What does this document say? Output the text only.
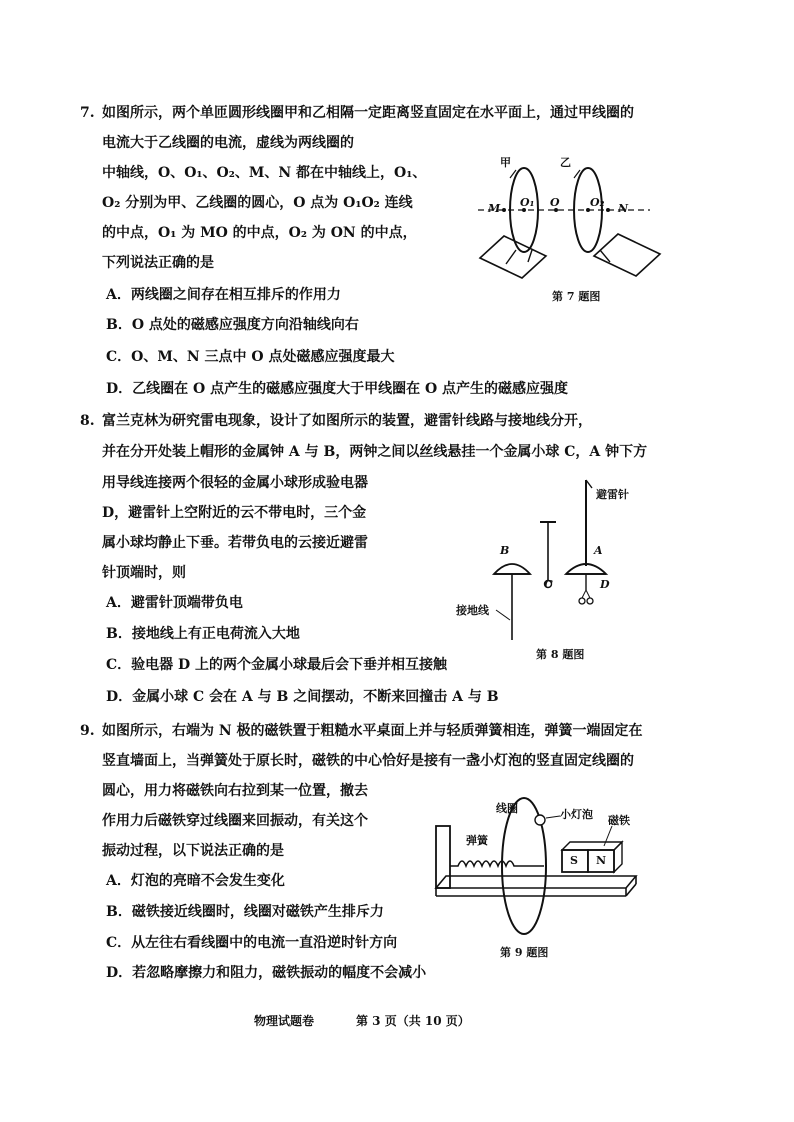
7. 如图所示，两个单匝圆形线圈甲和乙相隔一定距离竖直固定在水平面上，通过甲线圈的
电流大于乙线圈的电流，虚线为两线圈的
中轴线，O、O₁、O₂、M、N 都在中轴线上，O₁、
O₂ 分别为甲、乙线圈的圆心，O 点为 O₁O₂ 连线
的中点，O₁ 为 MO 的中点，O₂ 为 ON 的中点，
下列说法正确的是
A．两线圈之间存在相互排斥的作用力
B．O 点处的磁感应强度方向沿轴线向右
C．O、M、N 三点中 O 点处磁感应强度最大
D．乙线圈在 O 点产生的磁感应强度大于甲线圈在 O 点产生的磁感应强度
甲	乙
M O₁ O	O₂ N
第 7 题图
8. 富兰克林为研究雷电现象，设计了如图所示的装置，避雷针线路与接地线分开，
并在分开处装上帽形的金属钟 A 与 B，两钟之间以丝线悬挂一个金属小球 C，A 钟下方
用导线连接两个很轻的金属小球形成验电器
D，避雷针上空附近的云不带电时，三个金
属小球均静止下垂。若带负电的云接近避雷
针顶端时，则
A．避雷针顶端带负电
B．接地线上有正电荷流入大地
C．验电器 D 上的两个金属小球最后会下垂并相互接触
D．金属小球 C 会在 A 与 B 之间摆动，不断来回撞击 A 与 B
避雷针
B	A
C	D
接地线
第 8 题图
9. 如图所示，右端为 N 极的磁铁置于粗糙水平桌面上并与轻质弹簧相连，弹簧一端固定在
竖直墙面上，当弹簧处于原长时，磁铁的中心恰好是接有一盏小灯泡的竖直固定线圈的
圆心，用力将磁铁向右拉到某一位置，撤去
作用力后磁铁穿过线圈来回振动，有关这个
振动过程，以下说法正确的是
A．灯泡的亮暗不会发生变化
B．磁铁接近线圈时，线圈对磁铁产生排斥力
C．从左往右看线圈中的电流一直沿逆时针方向
D．若忽略摩擦力和阻力，磁铁振动的幅度不会减小
线圈	小灯泡 磁铁
弹簧
S N
第 9 题图
物理试题卷	第 3 页（共 10 页）
